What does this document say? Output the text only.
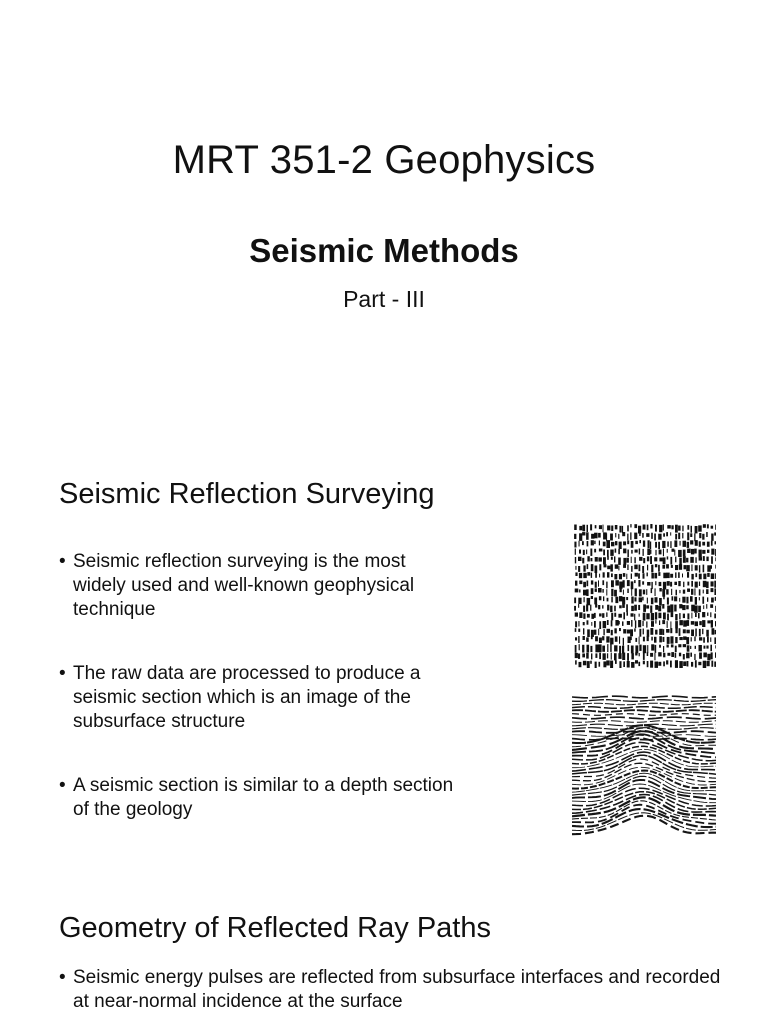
MRT 351-2 Geophysics
Seismic Methods
Part - III
Seismic Reflection Surveying
• Seismic reflection surveying is the most widely used and well-known geophysical technique
• The raw data are processed to produce a seismic section which is an image of the subsurface structure
• A seismic section is similar to a depth section of the geology
Geometry of Reflected Ray Paths
• Seismic energy pulses are reflected from subsurface interfaces and recorded at near-normal incidence at the surface
